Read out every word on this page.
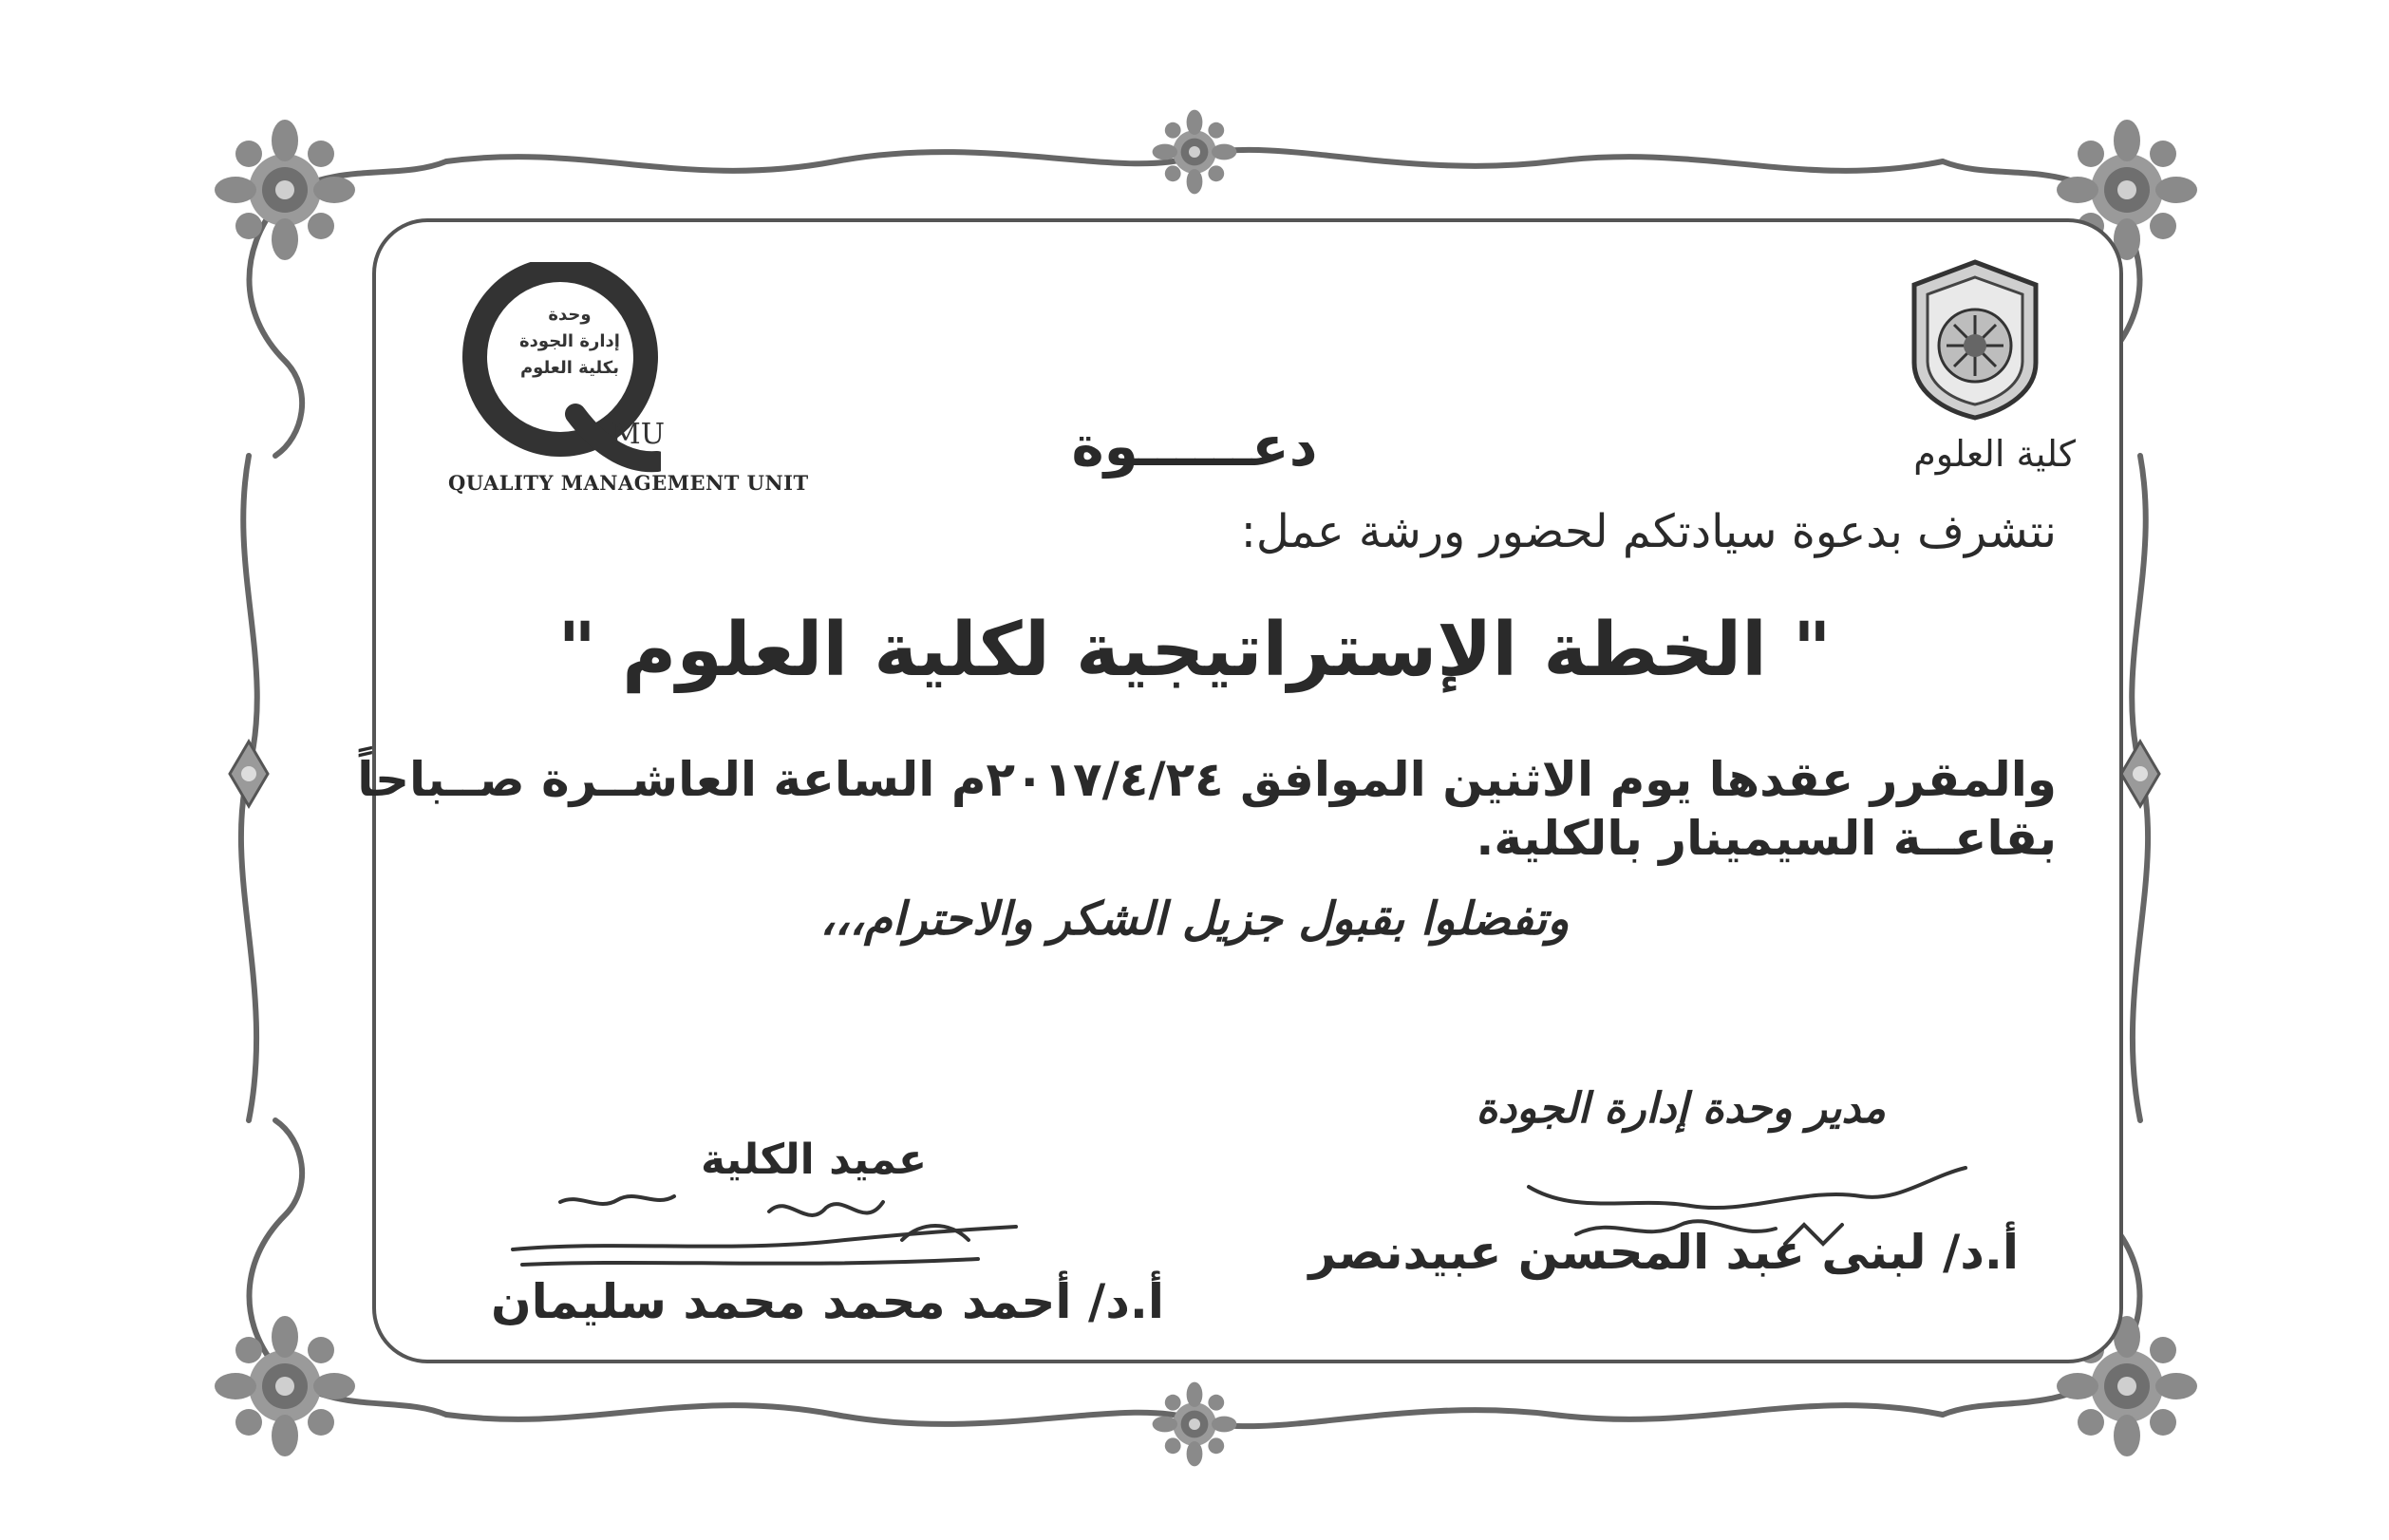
كلية العلوم
وحدة
إدارة الجودة
بكلية العلوم
MU
QUALITY MANAGEMENT UNIT
دعــــــوة
نتشرف بدعوة سيادتكم لحضور ورشة عمل:
" الخطة الإستراتيجية لكلية العلوم "
والمقرر عقدها يوم الاثنين الموافق ٢٠١٧/٤/٢٤م الساعة العاشــرة صــباحاً بقاعــة السيمينار بالكلية.
وتفضلوا بقبول جزيل الشكر والاحترام،،،
مدير وحدة إدارة الجودة
أ.د/ لبنى عبد المحسن عبيدنصر
عميد الكلية
أ.د/ أحمد محمد محمد سليمان
